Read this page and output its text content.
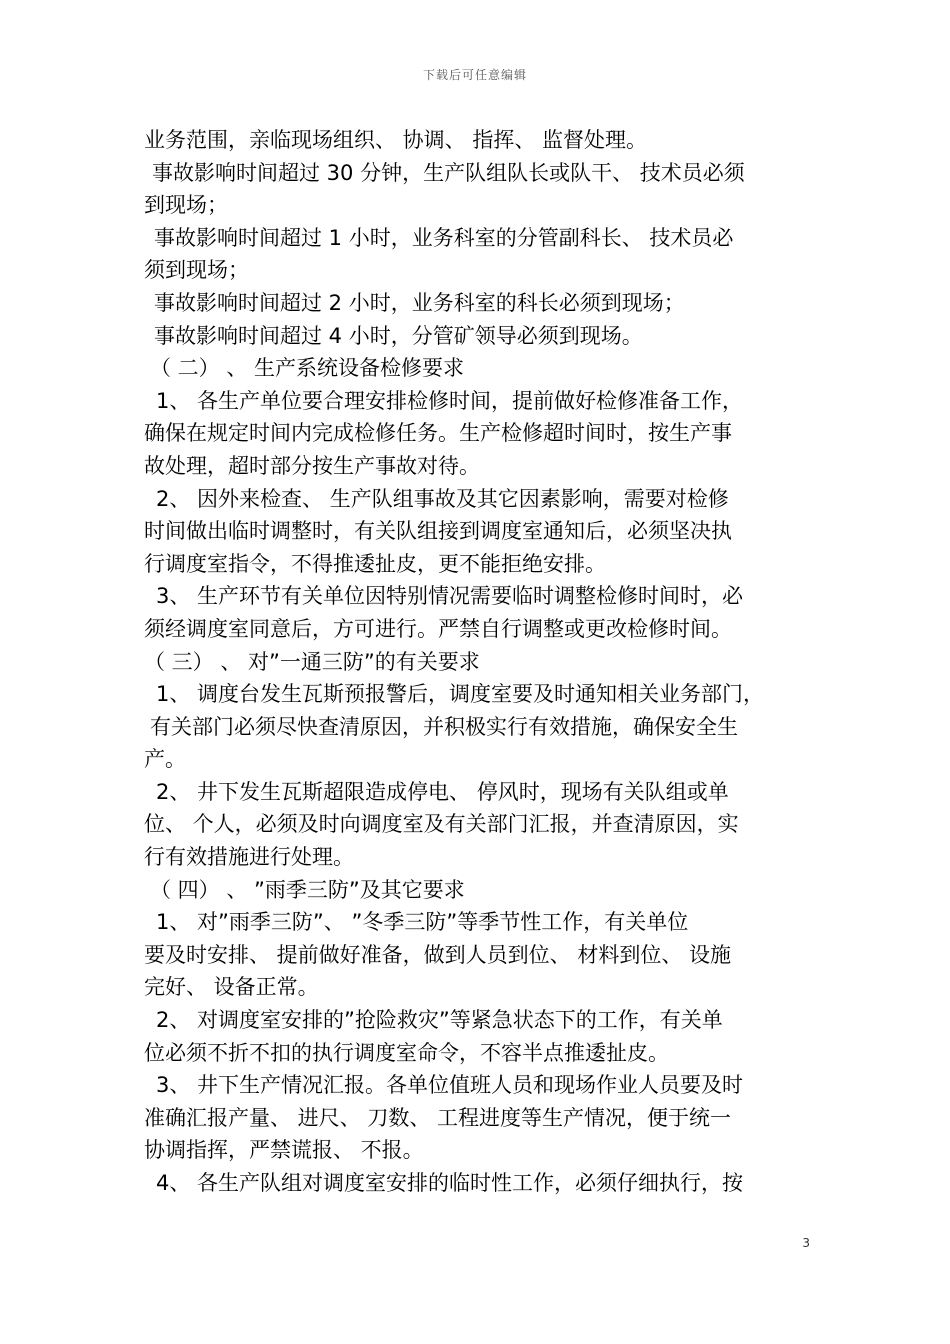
下载后可任意编辑
业务范围，亲临现场组织、 协调、 指挥、 监督处理。
事故影响时间超过 30 分钟，生产队组队长或队干、 技术员必须
到现场；
事故影响时间超过 1 小时，业务科室的分管副科长、 技术员必
须到现场；
事故影响时间超过 2 小时，业务科室的科长必须到现场；
事故影响时间超过 4 小时，分管矿领导必须到现场。
（ 二） 、 生产系统设备检修要求
1、 各生产单位要合理安排检修时间，提前做好检修准备工作，
确保在规定时间内完成检修任务。生产检修超时间时，按生产事
故处理，超时部分按生产事故对待。
2、 因外来检查、 生产队组事故及其它因素影响，需要对检修
时间做出临时调整时，有关队组接到调度室通知后，必须坚决执
行调度室指令，不得推逶扯皮，更不能拒绝安排。
3、 生产环节有关单位因特别情况需要临时调整检修时间时，必
须经调度室同意后，方可进行。严禁自行调整或更改检修时间。
（ 三） 、 对”一通三防”的有关要求
1、 调度台发生瓦斯预报警后，调度室要及时通知相关业务部门，
有关部门必须尽快查清原因，并积极实行有效措施，确保安全生
产。
2、 井下发生瓦斯超限造成停电、 停风时，现场有关队组或单
位、 个人，必须及时向调度室及有关部门汇报，并查清原因，实
行有效措施进行处理。
（ 四） 、 ”雨季三防”及其它要求
1、 对”雨季三防”、 ”冬季三防”等季节性工作，有关单位
要及时安排、 提前做好准备，做到人员到位、 材料到位、 设施
完好、 设备正常。
2、 对调度室安排的”抢险救灾”等紧急状态下的工作，有关单
位必须不折不扣的执行调度室命令，不容半点推逶扯皮。
3、 井下生产情况汇报。各单位值班人员和现场作业人员要及时
准确汇报产量、 进尺、 刀数、 工程进度等生产情况，便于统一
协调指挥，严禁谎报、 不报。
4、 各生产队组对调度室安排的临时性工作，必须仔细执行，按
3
